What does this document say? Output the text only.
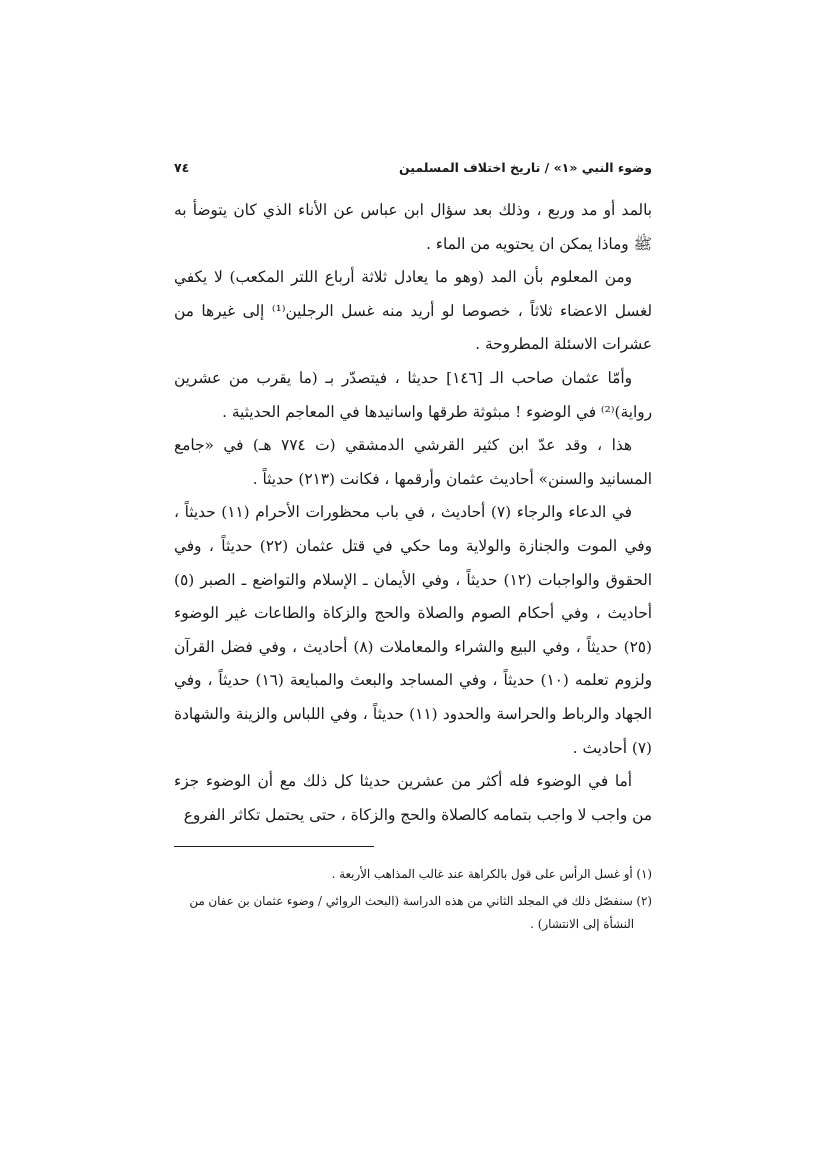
وضوء النبي «١» / تاريخ اختلاف المسلمين
٧٤

بالمد أو مد وربع ، وذلك بعد سؤال ابن عباس عن الأناء الذي كان يتوضأ به ﷺ وماذا يمكن ان يحتويه من الماء .

ومن المعلوم بأن المد (وهو ما يعادل ثلاثة أرباع اللتر المكعب) لا يكفي لغسل الاعضاء ثلاثاً ، خصوصا لو أريد منه غسل الرجلين⁽¹⁾ إلى غيرها من عشرات الاسئلة المطروحة .

وأمّا عثمان صاحب الـ [١٤٦] حديثا ، فيتصدّر بـ (ما يقرب من عشرين رواية)⁽²⁾ في الوضوء ! مبثوثة طرقها واسانيدها في المعاجم الحديثية .

هذا ، وقد عدّ ابن كثير القرشي الدمشقي (ت ٧٧٤ هـ) في «جامع المسانيد والسنن» أحاديث عثمان وأرقمها ، فكانت (٢١٣) حديثاً .

في الدعاء والرجاء (٧) أحاديث ، في باب محظورات الأحرام (١١) حديثاً ، وفي الموت والجنازة والولاية وما حكي في قتل عثمان (٢٢) حديثاً ، وفي الحقوق والواجبات (١٢) حديثاً ، وفي الأيمان ـ الإسلام والتواضع ـ الصبر (٥) أحاديث ، وفي أحكام الصوم والصلاة والحج والزكاة والطاعات غير الوضوء (٢٥) حديثاً ، وفي البيع والشراء والمعاملات (٨) أحاديث ، وفي فضل القرآن ولزوم تعلمه (١٠) حديثاً ، وفي المساجد والبعث والمبايعة (١٦) حديثاً ، وفي الجهاد والرباط والحراسة والحدود (١١) حديثاً ، وفي اللباس والزينة والشهادة (٧) أحاديث .

أما في الوضوء فله أكثر من عشرين حديثا كل ذلك مع أن الوضوء جزء من واجب لا واجب بتمامه كالصلاة والحج والزكاة ، حتى يحتمل تكاثر الفروع

(١) أو غسل الرأس على قول بالكراهة عند غالب المذاهب الأربعة .

(٢) سنفصّل ذلك في المجلد الثاني من هذه الدراسة (البحث الروائي / وضوء عثمان بن عفان من
النشأة إلى الانتشار) .
